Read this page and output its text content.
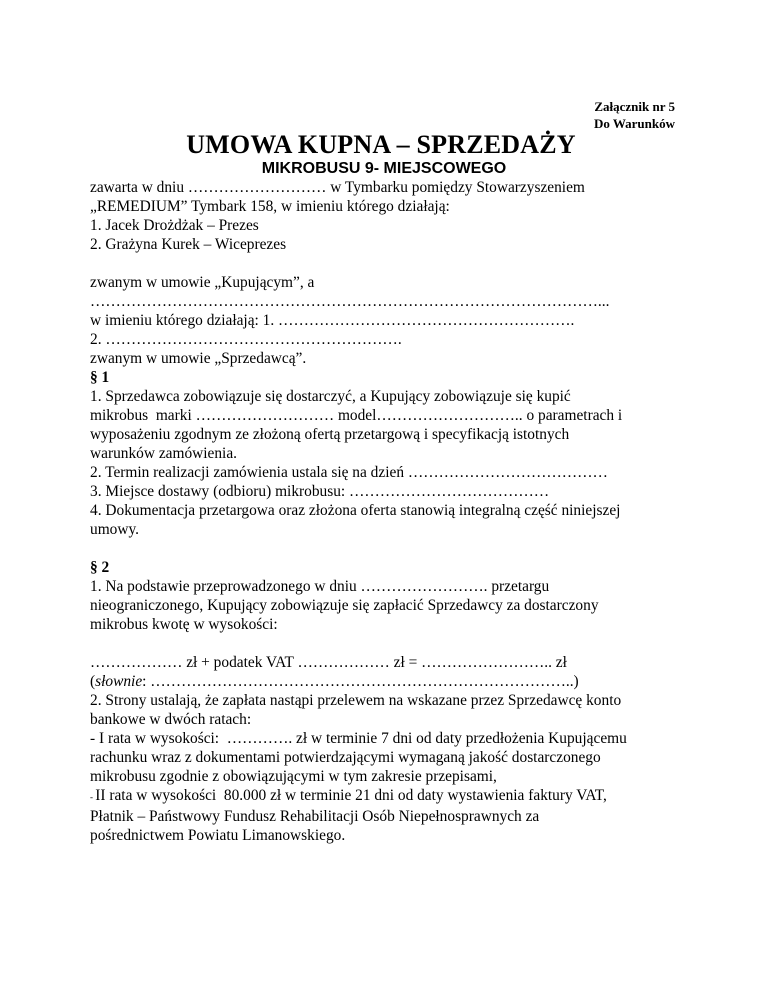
Załącznik nr 5
Do Warunków
UMOWA KUPNA – SPRZEDAŻY
MIKROBUSU 9- MIEJSCOWEGO

zawarta w dniu ……………………… w Tymbarku pomiędzy Stowarzyszeniem

„REMEDIUM” Tymbark 158, w imieniu którego działają:

1. Jacek Drożdżak – Prezes

2. Grażyna Kurek – Wiceprezes

zwanym w umowie „Kupującym”, a

………………………………………………………………………………………...

w imieniu którego działają: 1. ………………………………………………….

2. ………………………………………………….

zwanym w umowie „Sprzedawcą”.

§ 1

1. Sprzedawca zobowiązuje się dostarczyć, a Kupujący zobowiązuje się kupić

mikrobus  marki ……………………… model……………………….. o parametrach i

wyposażeniu zgodnym ze złożoną ofertą przetargową i specyfikacją istotnych

warunków zamówienia.

2. Termin realizacji zamówienia ustala się na dzień …………………………………

3. Miejsce dostawy (odbioru) mikrobusu: …………………………………

4. Dokumentacja przetargowa oraz złożona oferta stanowią integralną część niniejszej

umowy.

§ 2

1. Na podstawie przeprowadzonego w dniu ……………………. przetargu

nieograniczonego, Kupujący zobowiązuje się zapłacić Sprzedawcy za dostarczony

mikrobus kwotę w wysokości:

……………… zł + podatek VAT ……………… zł = …………………….. zł

(słownie: ………………………………………………………………………..)

2. Strony ustalają, że zapłata nastąpi przelewem na wskazane przez Sprzedawcę konto

bankowe w dwóch ratach:

- I rata w wysokości:  …………. zł w terminie 7 dni od daty przedłożenia Kupującemu

rachunku wraz z dokumentami potwierdzającymi wymaganą jakość dostarczonego

mikrobusu zgodnie z obowiązującymi w tym zakresie przepisami,

- II rata w wysokości  80.000 zł w terminie 21 dni od daty wystawienia faktury VAT,

Płatnik – Państwowy Fundusz Rehabilitacji Osób Niepełnosprawnych za

pośrednictwem Powiatu Limanowskiego.
